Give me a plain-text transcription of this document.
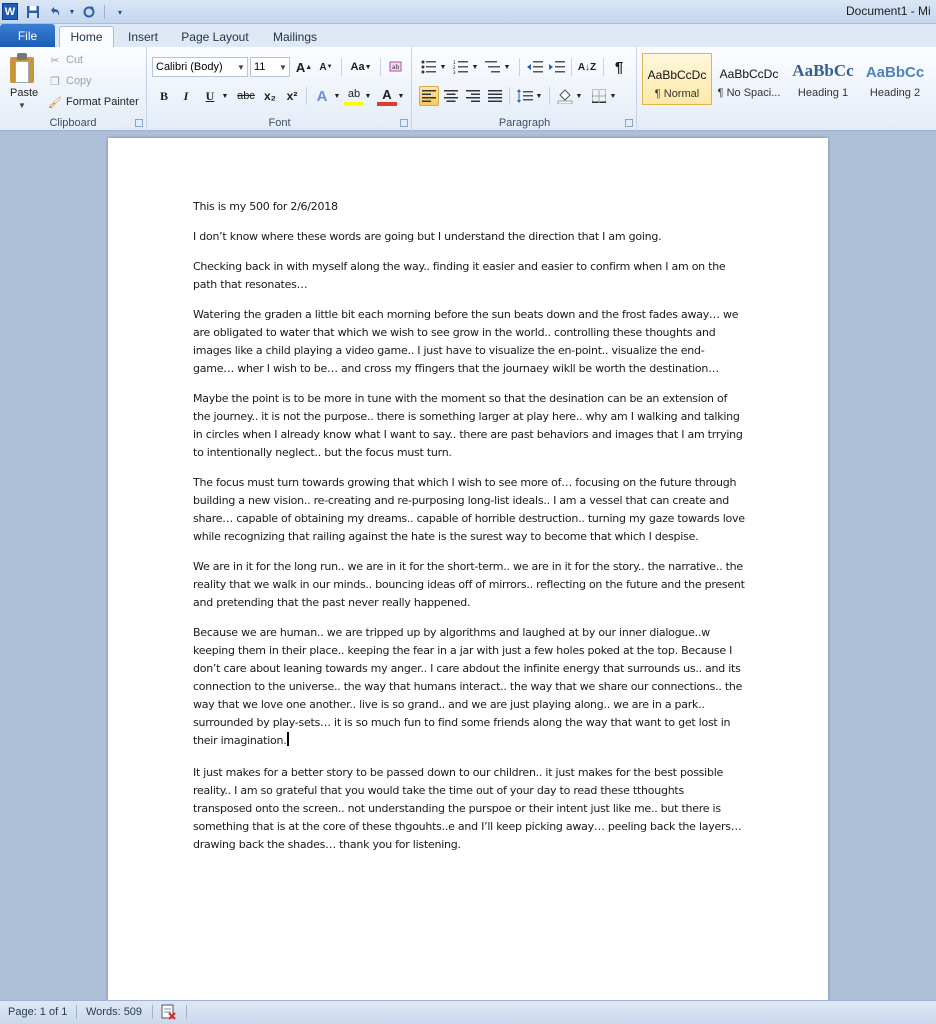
W	▼	▾	Document1 - Mi
File	Home	Insert	Page Layout	Mailings
Paste
▼
✂ Cut
❐ Copy
🖌 Format Painter
Clipboard
Calibri (Body) ▼ 11 ▼ A ▲ A ▼ Aa ▼	ab
B	I	U	▼ abc x₂ x²	A ▼ ab ▼ A ▼
Font
▼
1
2
3
▼	▼	A↓Z	¶
▼	▼	▼
Paragraph
AaBbCcDc
¶ Normal
AaBbCcDc
¶ No Spaci...
AaBbCc
Heading 1
AaBbCc
Heading 2
This is my 500 for 2/6/2018
I don’t know where these words are going but I understand the direction that I am going.
Checking back in with myself along the way.. finding it easier and easier to confirm when I am on the path that resonates…
Watering the graden a little bit each morning before the sun beats down and the frost fades away… we are obligated to water that which we wish to see grow in the world.. controlling these thoughts and images like a child playing a video game.. I just have to visualize the en-point.. visualize the end-game… wher I wish to be… and cross my ffingers that the journaey wikll be worth the destination…
Maybe the point is to be more in tune with the moment so that the desination can be an extension of the journey.. it is not the purpose.. there is something larger at play here.. why am I walking and talking in circles when I already know what I want to say.. there are past behaviors and images that I am trrying to intentionally neglect.. but the focus must turn.
The focus must turn towards growing that which I wish to see more of… focusing on the future through building a new vision.. re-creating and re-purposing long-list ideals.. I am a vessel that can create and share… capable of obtaining my dreams.. capable of horrible destruction.. turning my gaze towards love while recognizing that railing against the hate is the surest way to become that which I despise.
We are in it for the long run.. we are in it for the short-term.. we are in it for the story.. the narrative.. the reality that we walk in our minds.. bouncing ideas off of mirrors.. reflecting on the future and the present and pretending that the past never really happened.
Because we are human.. we are tripped up by algorithms and laughed at by our inner dialogue..w keeping them in their place.. keeping the fear in a jar with just a few holes poked at the top. Because I don’t care about leaning towards my anger.. I care abdout the infinite energy that surrounds us.. and its connection to the universe.. the way that humans interact.. the way that we share our connections.. the way that we love one another.. live is so grand.. and we are just playing along.. we are in a park.. surrounded by play-sets… it is so much fun to find some friends along the way that want to get lost in their imagination.
It just makes for a better story to be passed down to our children.. it just makes for the best possible reality.. I am so grateful that you would take the time out of your day to read these tthoughts transposed onto the screen.. not understanding the purspoe or their intent just like me.. but there is something that is at the core of these thgouhts..e and I’ll keep picking away… peeling back the layers… drawing back the shades… thank you for listening.
Page: 1 of 1 Words: 509
